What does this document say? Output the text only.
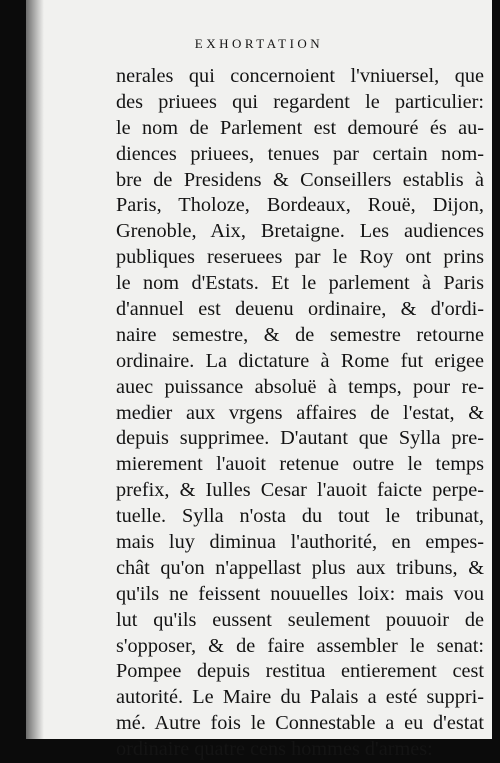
EXHORTATION
nerales qui concernoient l'vniuersel, que
des priuees qui regardent le particulier:
le nom de Parlement est demouré és au-
diences priuees, tenues par certain nom-
bre de Presidens & Conseillers establis à
Paris, Tholoze, Bordeaux, Rouë, Dijon,
Grenoble, Aix, Bretaigne. Les audiences
publiques reseruees par le Roy ont prins
le nom d'Estats. Et le parlement à Paris
d'annuel est deuenu ordinaire, & d'ordi-
naire semestre, & de semestre retourne
ordinaire. La dictature à Rome fut erigee
auec puissance absoluë à temps, pour re-
medier aux vrgens affaires de l'estat, &
depuis supprimee. D'autant que Sylla pre-
mierement l'auoit retenue outre le temps
prefix, & Iulles Cesar l'auoit faicte perpe-
tuelle. Sylla n'osta du tout le tribunat,
mais luy diminua l'authorité, en empes-
chât qu'on n'appellast plus aux tribuns, &
qu'ils ne feissent nouuelles loix: mais vou
lut qu'ils eussent seulement pouuoir de
s'opposer, & de faire assembler le senat:
Pompee depuis restitua entierement cest
autorité. Le Maire du Palais a esté suppri-
mé. Autre fois le Connestable a eu d'estat
ordinaire quatre cens hommes d'armes:
